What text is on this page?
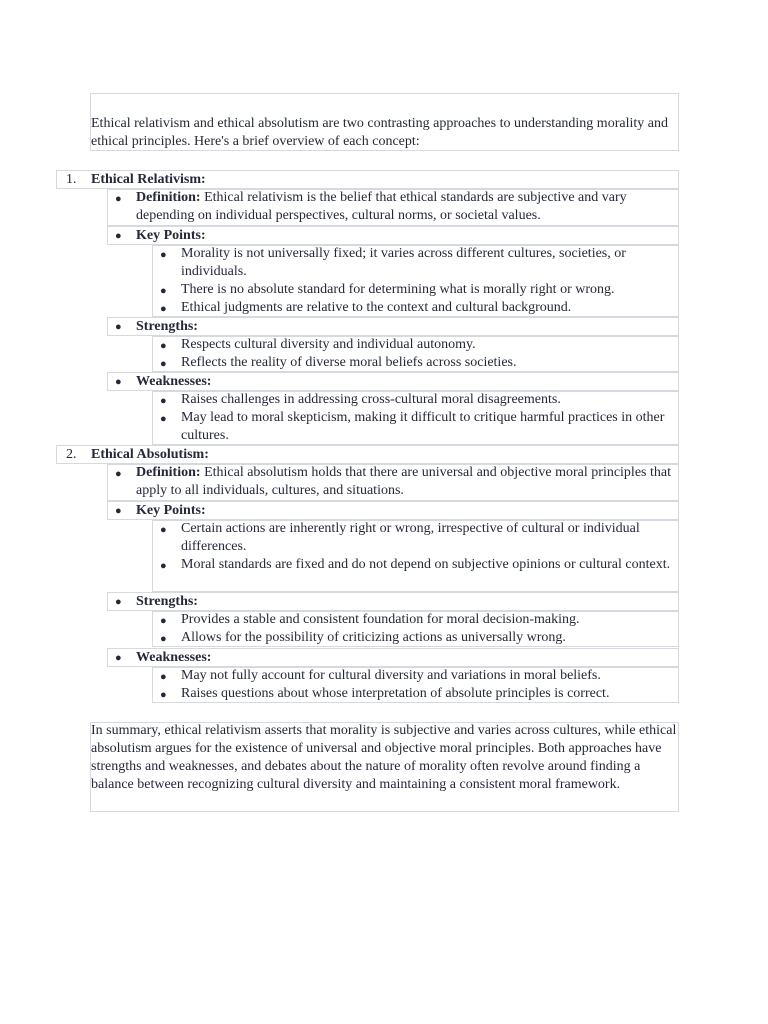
Ethical relativism and ethical absolutism are two contrasting approaches to understanding morality and ethical principles. Here's a brief overview of each concept:

1. Ethical Relativism:
● Definition: Ethical relativism is the belief that ethical standards are subjective and vary depending on individual perspectives, cultural norms, or societal values.

● Key Points:
● Morality is not universally fixed; it varies across different cultures, societies, or individuals.

● There is no absolute standard for determining what is morally right or wrong.

● Ethical judgments are relative to the context and cultural background.

● Strengths:
● Respects cultural diversity and individual autonomy.

● Reflects the reality of diverse moral beliefs across societies.

● Weaknesses:
● Raises challenges in addressing cross-cultural moral disagreements.

● May lead to moral skepticism, making it difficult to critique harmful practices in other cultures.

2. Ethical Absolutism:
● Definition: Ethical absolutism holds that there are universal and objective moral principles that apply to all individuals, cultures, and situations.

● Key Points:
● Certain actions are inherently right or wrong, irrespective of cultural or individual differences.

● Moral standards are fixed and do not depend on subjective opinions or cultural context.

● Strengths:
● Provides a stable and consistent foundation for moral decision-making.

● Allows for the possibility of criticizing actions as universally wrong.

● Weaknesses:
● May not fully account for cultural diversity and variations in moral beliefs.

● Raises questions about whose interpretation of absolute principles is correct.

In summary, ethical relativism asserts that morality is subjective and varies across cultures, while ethical absolutism argues for the existence of universal and objective moral principles. Both approaches have strengths and weaknesses, and debates about the nature of morality often revolve around finding a balance between recognizing cultural diversity and maintaining a consistent moral framework.
